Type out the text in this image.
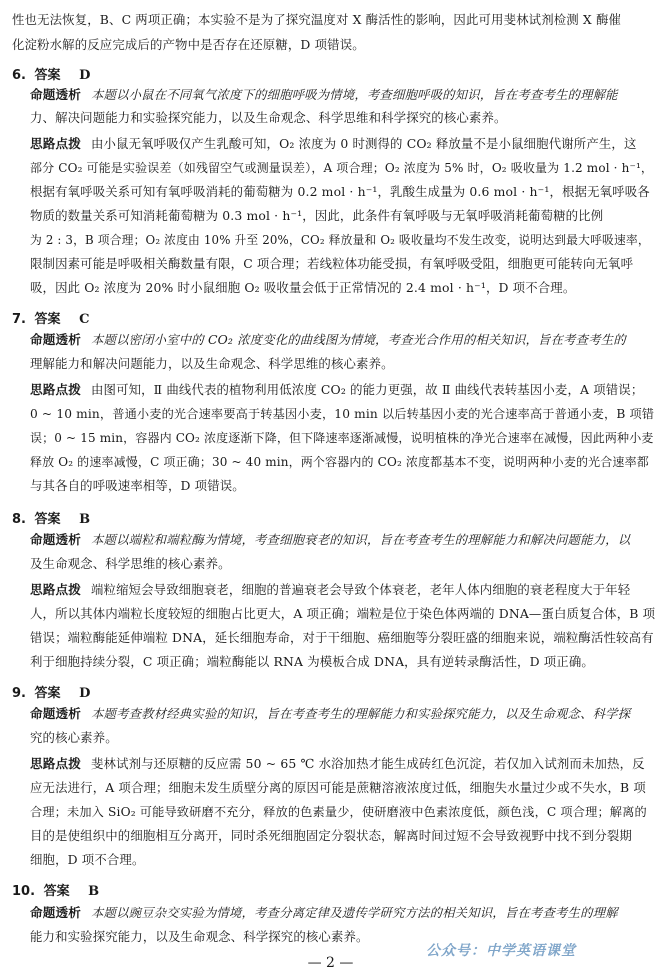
性也无法恢复，B、C 两项正确；本实验不是为了探究温度对 X 酶活性的影响，因此可用斐林试剂检测 X 酶催
化淀粉水解的反应完成后的产物中是否存在还原糖，D 项错误。
6. 答案 D
命题透析 本题以小鼠在不同氧气浓度下的细胞呼吸为情境，考查细胞呼吸的知识，旨在考查考生的理解能
力、解决问题能力和实验探究能力，以及生命观念、科学思维和科学探究的核心素养。
思路点拨 由小鼠无氧呼吸仅产生乳酸可知，O₂ 浓度为 0 时测得的 CO₂ 释放量不是小鼠细胞代谢所产生，这
部分 CO₂ 可能是实验误差（如残留空气或测量误差），A 项合理；O₂ 浓度为 5% 时，O₂ 吸收量为 1.2 mol · h⁻¹，
根据有氧呼吸关系可知有氧呼吸消耗的葡萄糖为 0.2 mol · h⁻¹，乳酸生成量为 0.6 mol · h⁻¹，根据无氧呼吸各
物质的数量关系可知消耗葡萄糖为 0.3 mol · h⁻¹，因此，此条件有氧呼吸与无氧呼吸消耗葡萄糖的比例
为 2 : 3，B 项合理；O₂ 浓度由 10% 升至 20%，CO₂ 释放量和 O₂ 吸收量均不发生改变，说明达到最大呼吸速率，
限制因素可能是呼吸相关酶数量有限，C 项合理；若线粒体功能受损，有氧呼吸受阻，细胞更可能转向无氧呼
吸，因此 O₂ 浓度为 20% 时小鼠细胞 O₂ 吸收量会低于正常情况的 2.4 mol · h⁻¹，D 项不合理。
7. 答案 C
命题透析 本题以密闭小室中的 CO₂ 浓度变化的曲线图为情境，考查光合作用的相关知识，旨在考查考生的
理解能力和解决问题能力，以及生命观念、科学思维的核心素养。
思路点拨 由图可知，Ⅱ 曲线代表的植物利用低浓度 CO₂ 的能力更强，故 Ⅱ 曲线代表转基因小麦，A 项错误；
0 ~ 10 min，普通小麦的光合速率要高于转基因小麦，10 min 以后转基因小麦的光合速率高于普通小麦，B 项错
误；0 ~ 15 min，容器内 CO₂ 浓度逐渐下降，但下降速率逐渐减慢，说明植株的净光合速率在减慢，因此两种小麦
释放 O₂ 的速率减慢，C 项正确；30 ~ 40 min，两个容器内的 CO₂ 浓度都基本不变，说明两种小麦的光合速率都
与其各自的呼吸速率相等，D 项错误。
8. 答案 B
命题透析 本题以端粒和端粒酶为情境，考查细胞衰老的知识，旨在考查考生的理解能力和解决问题能力，以
及生命观念、科学思维的核心素养。
思路点拨 端粒缩短会导致细胞衰老，细胞的普遍衰老会导致个体衰老，老年人体内细胞的衰老程度大于年轻
人，所以其体内端粒长度较短的细胞占比更大，A 项正确；端粒是位于染色体两端的 DNA—蛋白质复合体，B 项
错误；端粒酶能延伸端粒 DNA，延长细胞寿命，对于干细胞、癌细胞等分裂旺盛的细胞来说，端粒酶活性较高有
利于细胞持续分裂，C 项正确；端粒酶能以 RNA 为模板合成 DNA，具有逆转录酶活性，D 项正确。
9. 答案 D
命题透析 本题考查教材经典实验的知识，旨在考查考生的理解能力和实验探究能力，以及生命观念、科学探
究的核心素养。
思路点拨 斐林试剂与还原糖的反应需 50 ~ 65 ℃ 水浴加热才能生成砖红色沉淀，若仅加入试剂而未加热，反
应无法进行，A 项合理；细胞未发生质壁分离的原因可能是蔗糖溶液浓度过低，细胞失水量过少或不失水，B 项
合理；未加入 SiO₂ 可能导致研磨不充分，释放的色素量少，使研磨液中色素浓度低，颜色浅，C 项合理；解离的
目的是使组织中的细胞相互分离开，同时杀死细胞固定分裂状态，解离时间过短不会导致视野中找不到分裂期
细胞，D 项不合理。
10. 答案 B
命题透析 本题以豌豆杂交实验为情境，考查分离定律及遗传学研究方法的相关知识，旨在考查考生的理解
能力和实验探究能力，以及生命观念、科学探究的核心素养。
公众号：中学英语课堂
— 2 —
